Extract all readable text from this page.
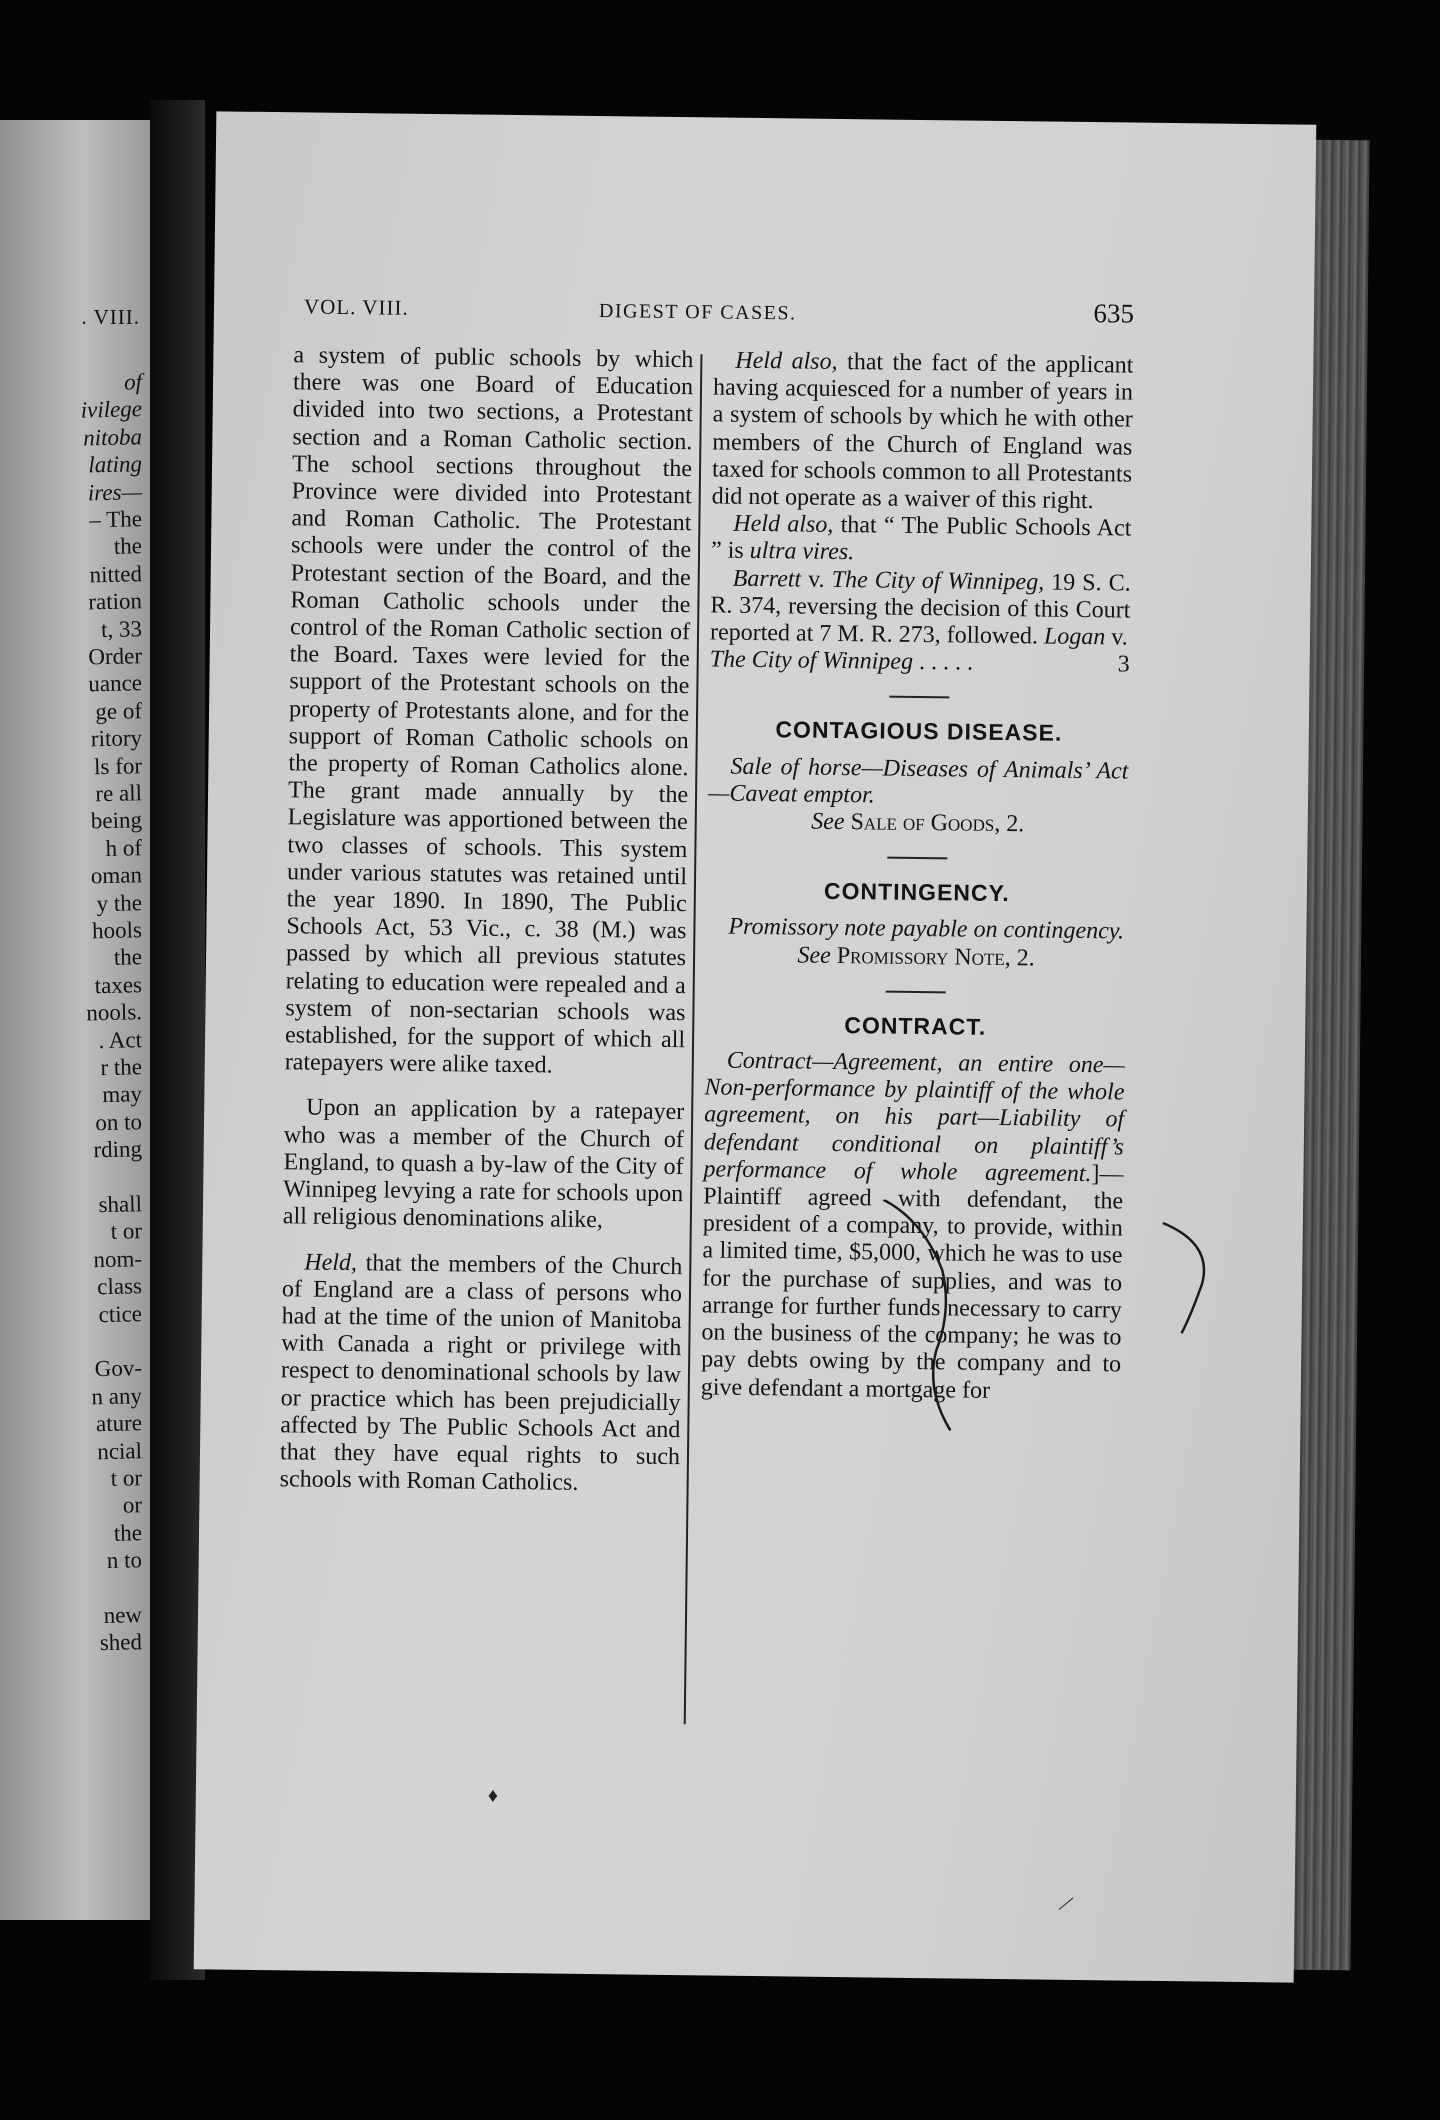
. VIII.
of
ivilege
nitoba
lating
ires—
– The
the
nitted
ration
t, 33
Order
uance
ge of
ritory
ls for
re all
being
h of
oman
y the
hools
the
taxes
nools.
. Act
r the
may
on to
rding
shall
t or
nom-
class
ctice
Gov-
n any
ature
ncial
t or
or
the
n to
new
shed
VOL. VIII.	DIGEST OF CASES.	635

a system of public schools by which there was one Board of Education divided into two sections, a Protestant section and a Roman Catholic section. The school sections throughout the Province were divided into Protestant and Roman Catholic. The Protestant schools were under the control of the Protestant section of the Board, and the Roman Catholic schools under the control of the Roman Catholic section of the Board. Taxes were levied for the support of the Protestant schools on the property of Protestants alone, and for the support of Roman Catholic schools on the property of Roman Catholics alone. The grant made annually by the Legislature was apportioned between the two classes of schools. This system under various statutes was retained until the year 1890. In 1890, The Public Schools Act, 53 Vic., c. 38 (M.) was passed by which all previous statutes relating to education were repealed and a system of non-sectarian schools was established, for the support of which all ratepayers were alike taxed.

Upon an application by a ratepayer who was a member of the Church of England, to quash a by-law of the City of Winnipeg levying a rate for schools upon all religious denominations alike,

Held, that the members of the Church of England are a class of persons who had at the time of the union of Manitoba with Canada a right or privilege with respect to denominational schools by law or practice which has been prejudicially affected by The Public Schools Act and that they have equal rights to such schools with Roman Catholics.

Held also, that the fact of the applicant having acquiesced for a number of years in a system of schools by which he with other members of the Church of England was taxed for schools common to all Protestants did not operate as a waiver of this right.

Held also, that “ The Public Schools Act ” is ultra vires.

Barrett v. The City of Winnipeg, 19 S. C. R. 374, reversing the decision of this Court reported at 7 M. R. 273, followed. Logan v.

The City of Winnipeg . . . . .	3
CONTAGIOUS DISEASE.

Sale of horse—Diseases of Animals’ Act—Caveat emptor.

See Sale of Goods, 2.

CONTINGENCY.

Promissory note payable on contingency.

See Promissory Note, 2.

CONTRACT.

Contract—Agreement, an entire one—Non-performance by plaintiff of the whole agreement, on his part—Liability of defendant conditional on plaintiff’s performance of whole agreement.]—Plaintiff agreed with defendant, the president of a company, to provide, within a limited time, $5,000, which he was to use for the purchase of supplies, and was to arrange for further funds necessary to carry on the business of the company; he was to pay debts owing by the company and to give defendant a mortgage for

♦
|
